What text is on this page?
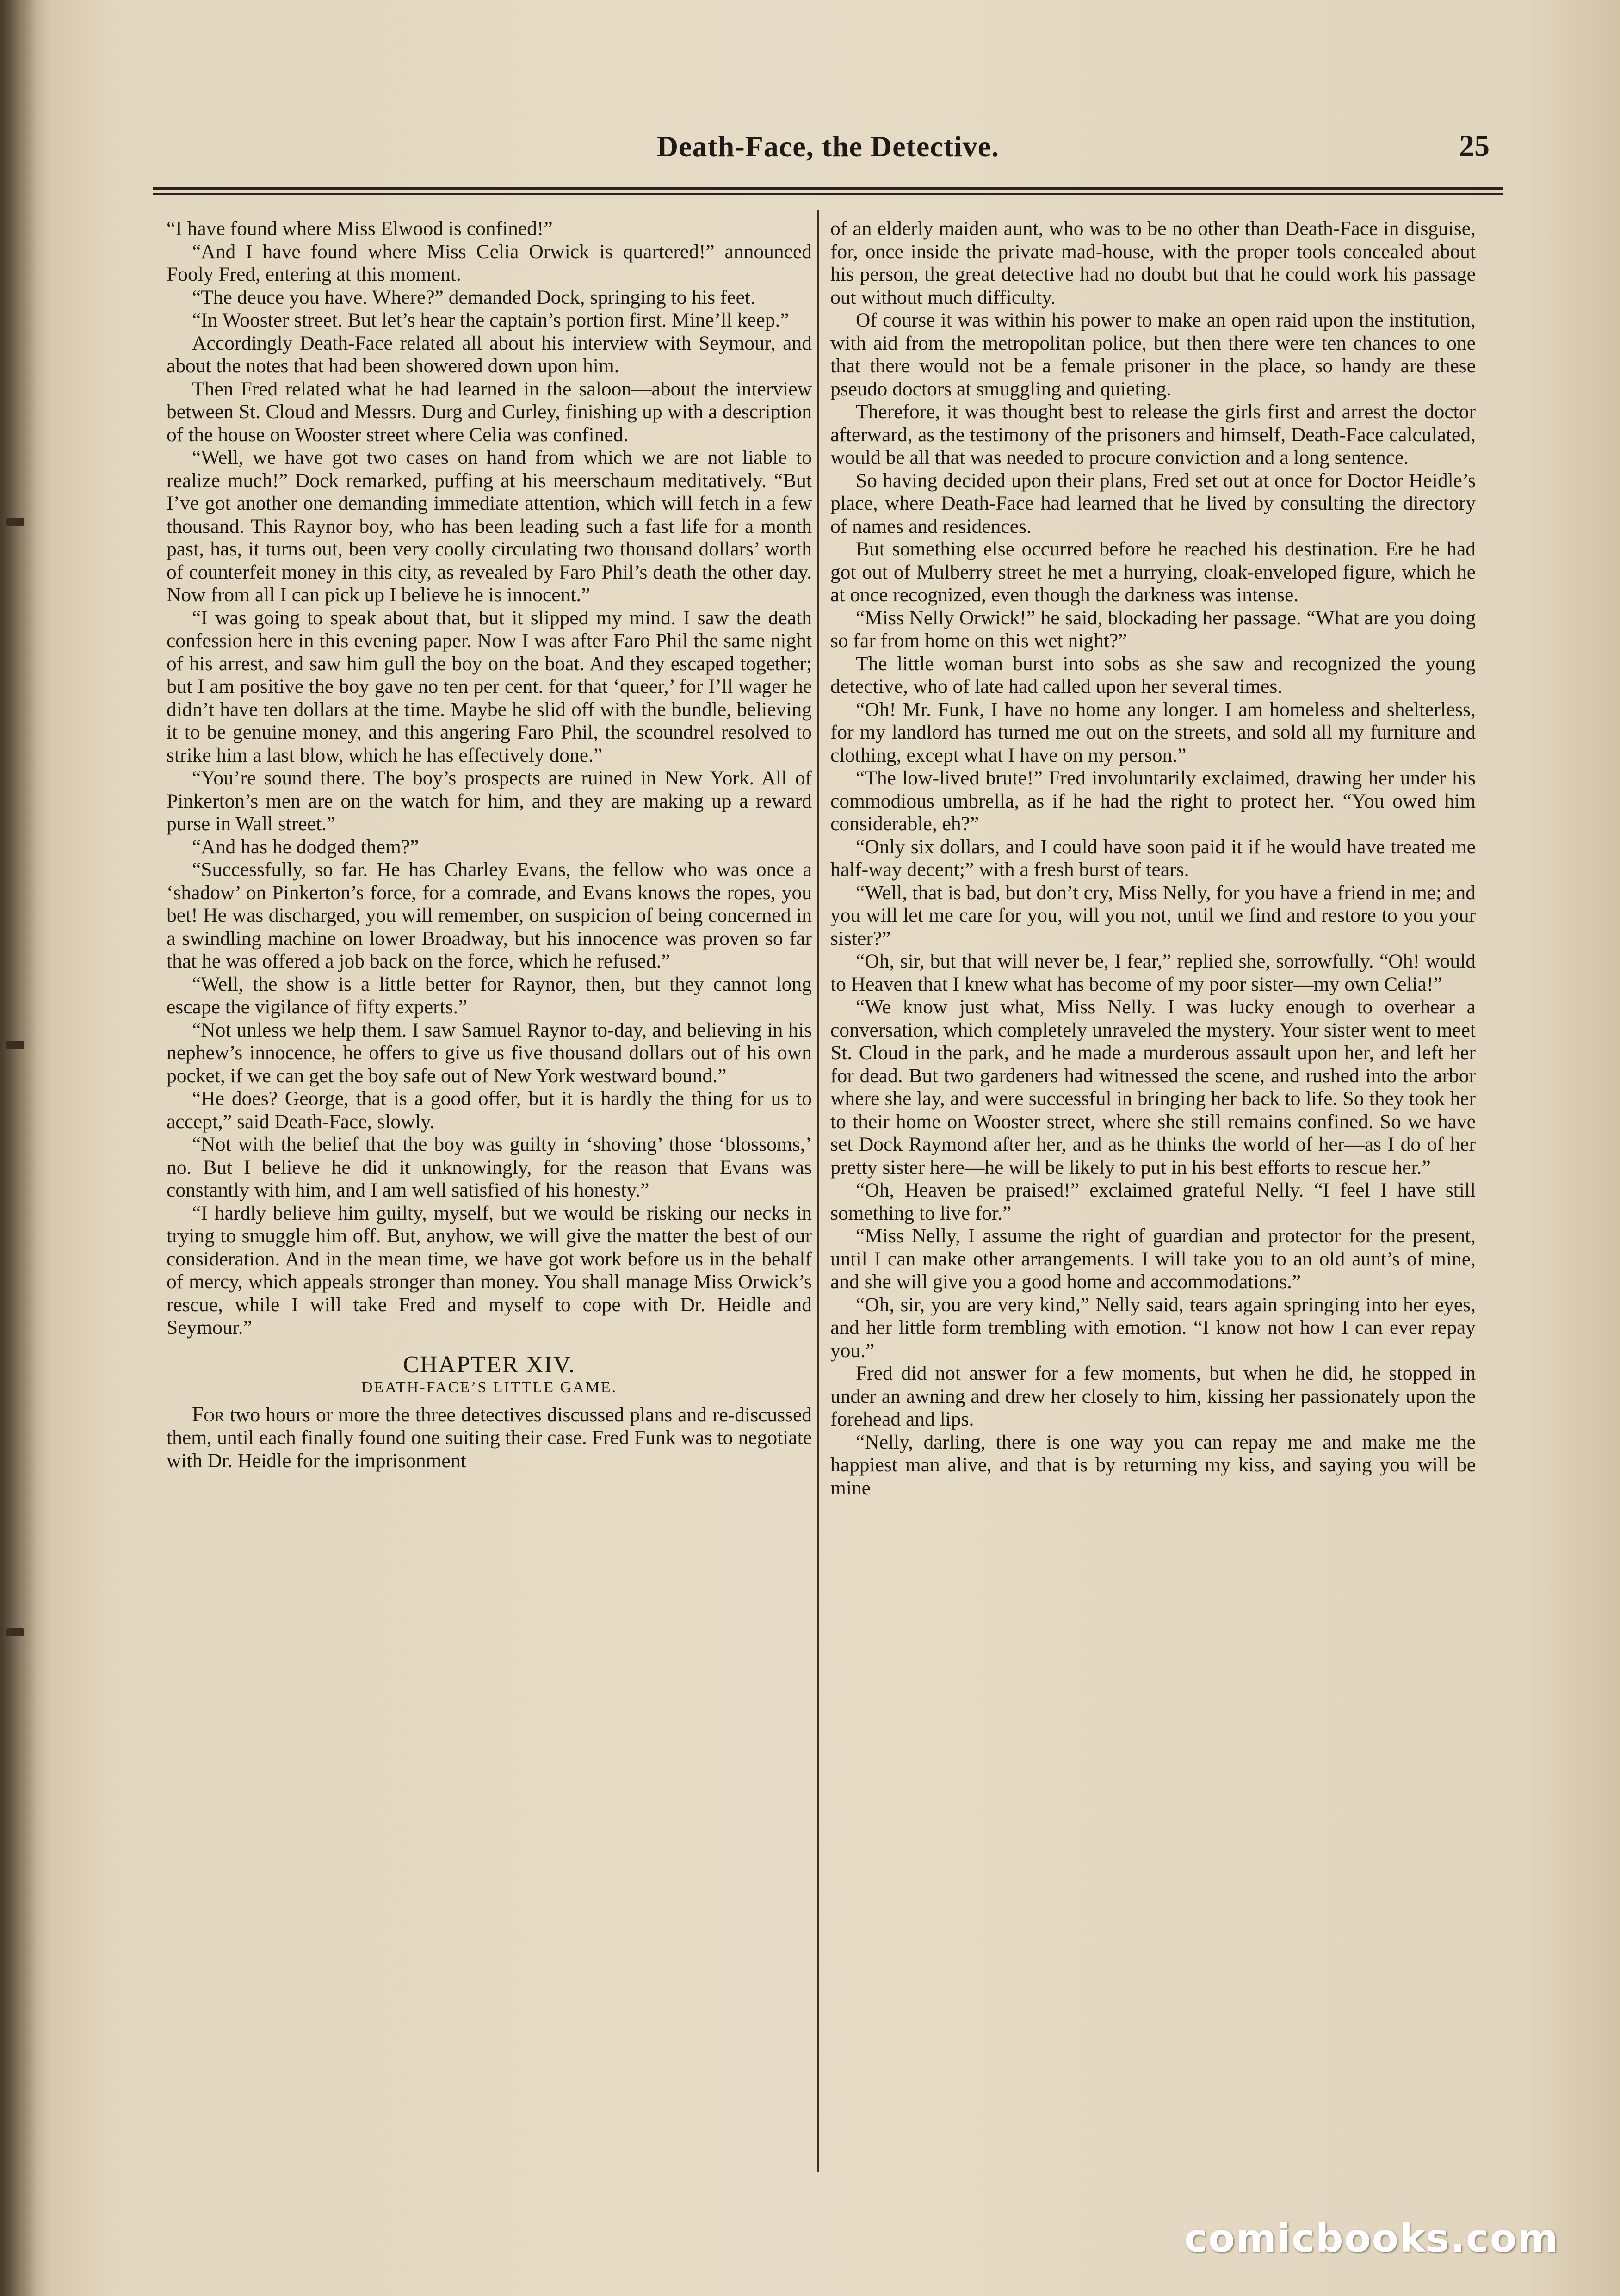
Death-Face, the Detective.	25

“I have found where Miss Elwood is confined!”

“And I have found where Miss Celia Orwick is quartered!” announced Fooly Fred, entering at this moment.

“The deuce you have. Where?” demanded Dock, springing to his feet.

“In Wooster street. But let’s hear the captain’s portion first. Mine’ll keep.”

Accordingly Death-Face related all about his interview with Seymour, and about the notes that had been showered down upon him.

Then Fred related what he had learned in the saloon—about the interview between St. Cloud and Messrs. Durg and Curley, finishing up with a description of the house on Wooster street where Celia was confined.

“Well, we have got two cases on hand from which we are not liable to realize much!” Dock remarked, puffing at his meerschaum meditatively. “But I’ve got another one demanding immediate attention, which will fetch in a few thousand. This Raynor boy, who has been leading such a fast life for a month past, has, it turns out, been very coolly circulating two thousand dollars’ worth of counterfeit money in this city, as revealed by Faro Phil’s death the other day. Now from all I can pick up I believe he is innocent.”

“I was going to speak about that, but it slipped my mind. I saw the death confession here in this evening paper. Now I was after Faro Phil the same night of his arrest, and saw him gull the boy on the boat. And they escaped together; but I am positive the boy gave no ten per cent. for that ‘queer,’ for I’ll wager he didn’t have ten dollars at the time. Maybe he slid off with the bundle, believing it to be genuine money, and this angering Faro Phil, the scoundrel resolved to strike him a last blow, which he has effectively done.”

“You’re sound there. The boy’s prospects are ruined in New York. All of Pinkerton’s men are on the watch for him, and they are making up a reward purse in Wall street.”

“And has he dodged them?”

“Successfully, so far. He has Charley Evans, the fellow who was once a ‘shadow’ on Pinkerton’s force, for a comrade, and Evans knows the ropes, you bet! He was discharged, you will remember, on suspicion of being concerned in a swindling machine on lower Broadway, but his innocence was proven so far that he was offered a job back on the force, which he refused.”

“Well, the show is a little better for Raynor, then, but they cannot long escape the vigilance of fifty experts.”

“Not unless we help them. I saw Samuel Raynor to-day, and believing in his nephew’s innocence, he offers to give us five thousand dollars out of his own pocket, if we can get the boy safe out of New York westward bound.”

“He does? George, that is a good offer, but it is hardly the thing for us to accept,” said Death-Face, slowly.

“Not with the belief that the boy was guilty in ‘shoving’ those ‘blossoms,’ no. But I believe he did it unknowingly, for the reason that Evans was constantly with him, and I am well satisfied of his honesty.”

“I hardly believe him guilty, myself, but we would be risking our necks in trying to smuggle him off. But, anyhow, we will give the matter the best of our consideration. And in the mean time, we have got work before us in the behalf of mercy, which appeals stronger than money. You shall manage Miss Orwick’s rescue, while I will take Fred and myself to cope with Dr. Heidle and Seymour.”

CHAPTER XIV.

DEATH-FACE’S LITTLE GAME.

For two hours or more the three detectives discussed plans and re-discussed them, until each finally found one suiting their case. Fred Funk was to negotiate with Dr. Heidle for the imprisonment

of an elderly maiden aunt, who was to be no other than Death-Face in disguise, for, once inside the private mad-house, with the proper tools concealed about his person, the great detective had no doubt but that he could work his passage out without much difficulty.

Of course it was within his power to make an open raid upon the institution, with aid from the metropolitan police, but then there were ten chances to one that there would not be a female prisoner in the place, so handy are these pseudo doctors at smuggling and quieting.

Therefore, it was thought best to release the girls first and arrest the doctor afterward, as the testimony of the prisoners and himself, Death-Face calculated, would be all that was needed to procure conviction and a long sentence.

So having decided upon their plans, Fred set out at once for Doctor Heidle’s place, where Death-Face had learned that he lived by consulting the directory of names and residences.

But something else occurred before he reached his destination. Ere he had got out of Mulberry street he met a hurrying, cloak-enveloped figure, which he at once recognized, even though the darkness was intense.

“Miss Nelly Orwick!” he said, blockading her passage. “What are you doing so far from home on this wet night?”

The little woman burst into sobs as she saw and recognized the young detective, who of late had called upon her several times.

“Oh! Mr. Funk, I have no home any longer. I am homeless and shelterless, for my landlord has turned me out on the streets, and sold all my furniture and clothing, except what I have on my person.”

“The low-lived brute!” Fred involuntarily exclaimed, drawing her under his commodious umbrella, as if he had the right to protect her. “You owed him considerable, eh?”

“Only six dollars, and I could have soon paid it if he would have treated me half-way decent;” with a fresh burst of tears.

“Well, that is bad, but don’t cry, Miss Nelly, for you have a friend in me; and you will let me care for you, will you not, until we find and restore to you your sister?”

“Oh, sir, but that will never be, I fear,” replied she, sorrowfully. “Oh! would to Heaven that I knew what has become of my poor sister—my own Celia!”

“We know just what, Miss Nelly. I was lucky enough to overhear a conversation, which completely unraveled the mystery. Your sister went to meet St. Cloud in the park, and he made a murderous assault upon her, and left her for dead. But two gardeners had witnessed the scene, and rushed into the arbor where she lay, and were successful in bringing her back to life. So they took her to their home on Wooster street, where she still remains confined. So we have set Dock Raymond after her, and as he thinks the world of her—as I do of her pretty sister here—he will be likely to put in his best efforts to rescue her.”

“Oh, Heaven be praised!” exclaimed grateful Nelly. “I feel I have still something to live for.”

“Miss Nelly, I assume the right of guardian and protector for the present, until I can make other arrangements. I will take you to an old aunt’s of mine, and she will give you a good home and accommodations.”

“Oh, sir, you are very kind,” Nelly said, tears again springing into her eyes, and her little form trembling with emotion. “I know not how I can ever repay you.”

Fred did not answer for a few moments, but when he did, he stopped in under an awning and drew her closely to him, kissing her passionately upon the forehead and lips.

“Nelly, darling, there is one way you can repay me and make me the happiest man alive, and that is by returning my kiss, and saying you will be mine

comicbooks.com
